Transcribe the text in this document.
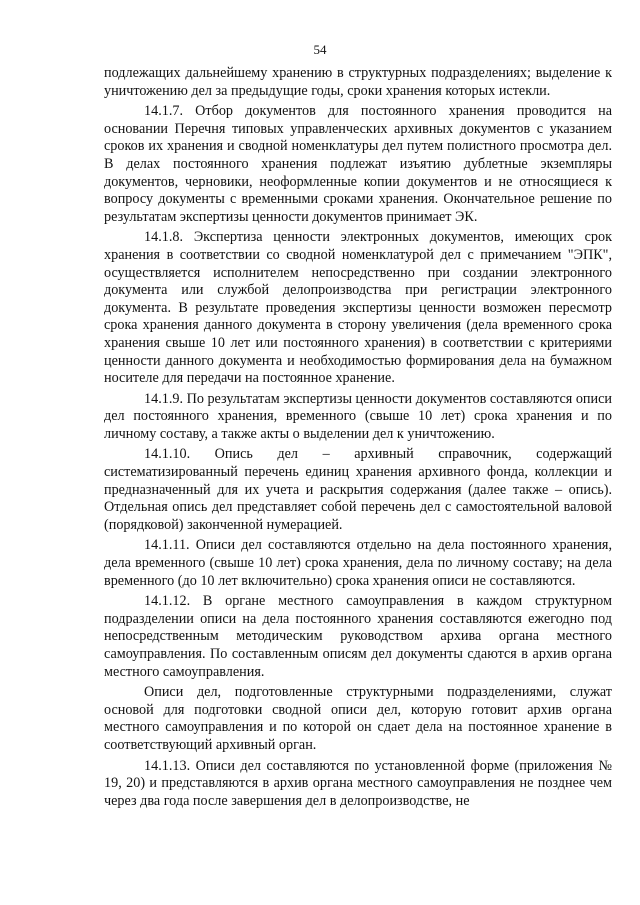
54

подлежащих дальнейшему хранению в структурных подразделениях; выделение к уничтожению дел за предыдущие годы, сроки хранения которых истекли.

14.1.7. Отбор документов для постоянного хранения проводится на основании Перечня типовых управленческих архивных документов с указанием сроков их хранения и сводной номенклатуры дел путем полистного просмотра дел. В делах постоянного хранения подлежат изъятию дублетные экземпляры документов, черновики, неоформленные копии документов и не относящиеся к вопросу документы с временными сроками хранения. Окончательное решение по результатам экспертизы ценности документов принимает ЭК.

14.1.8. Экспертиза ценности электронных документов, имеющих срок хранения в соответствии со сводной номенклатурой дел с примечанием "ЭПК", осуществляется исполнителем непосредственно при создании электронного документа или службой делопроизводства при регистрации электронного документа. В результате проведения экспертизы ценности возможен пересмотр срока хранения данного документа в сторону увеличения (дела временного срока хранения свыше 10 лет или постоянного хранения) в соответствии с критериями ценности данного документа и необходимостью формирования дела на бумажном носителе для передачи на постоянное хранение.

14.1.9. По результатам экспертизы ценности документов составляются описи дел постоянного хранения, временного (свыше 10 лет) срока хранения и по личному составу, а также акты о выделении дел к уничтожению.

14.1.10. Опись дел – архивный справочник, содержащий систематизированный перечень единиц хранения архивного фонда, коллекции и предназначенный для их учета и раскрытия содержания (далее также – опись). Отдельная опись дел представляет собой перечень дел с самостоятельной валовой (порядковой) законченной нумерацией.

14.1.11. Описи дел составляются отдельно на дела постоянного хранения, дела временного (свыше 10 лет) срока хранения, дела по личному составу; на дела временного (до 10 лет включительно) срока хранения описи не составляются.

14.1.12. В органе местного самоуправления в каждом структурном подразделении описи на дела постоянного хранения составляются ежегодно под непосредственным методическим руководством архива органа местного самоуправления. По составленным описям дел документы сдаются в архив органа местного самоуправления.

Описи дел, подготовленные структурными подразделениями, служат основой для подготовки сводной описи дел, которую готовит архив органа местного самоуправления и по которой он сдает дела на постоянное хранение в соответствующий архивный орган.

14.1.13. Описи дел составляются по установленной форме (приложения № 19, 20) и представляются в архив органа местного самоуправления не позднее чем через два года после завершения дел в делопроизводстве, не
